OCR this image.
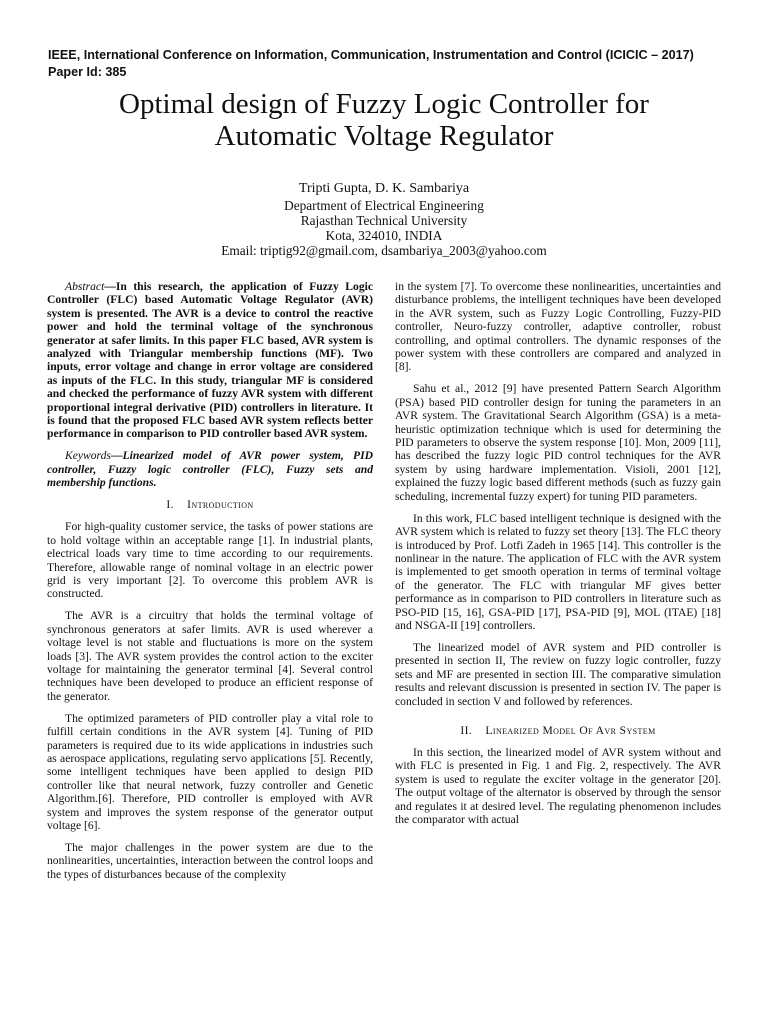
IEEE, International Conference on Information, Communication, Instrumentation and Control (ICICIC – 2017)
Paper Id: 385
Optimal design of Fuzzy Logic Controller for
Automatic Voltage Regulator
Tripti Gupta, D. K. Sambariya
Department of Electrical Engineering
Rajasthan Technical University
Kota, 324010, INDIA
Email: triptig92@gmail.com, dsambariya_2003@yahoo.com

Abstract—In this research, the application of Fuzzy Logic Controller (FLC) based Automatic Voltage Regulator (AVR) system is presented. The AVR is a device to control the reactive power and hold the terminal voltage of the synchronous generator at safer limits. In this paper FLC based, AVR system is analyzed with Triangular membership functions (MF). Two inputs, error voltage and change in error voltage are considered as inputs of the FLC. In this study, triangular MF is considered and checked the performance of fuzzy AVR system with different proportional integral derivative (PID) controllers in literature. It is found that the proposed FLC based AVR system reflects better performance in comparison to PID controller based AVR system.

Keywords—Linearized model of AVR power system, PID controller, Fuzzy logic controller (FLC), Fuzzy sets and membership functions.

I. Introduction

For high-quality customer service, the tasks of power stations are to hold voltage within an acceptable range [1]. In industrial plants, electrical loads vary time to time according to our requirements. Therefore, allowable range of nominal voltage in an electric power grid is very important [2]. To overcome this problem AVR is constructed.

The AVR is a circuitry that holds the terminal voltage of synchronous generators at safer limits. AVR is used wherever a voltage level is not stable and fluctuations is more on the system loads [3]. The AVR system provides the control action to the exciter voltage for maintaining the generator terminal [4]. Several control techniques have been developed to produce an efficient response of the generator.

The optimized parameters of PID controller play a vital role to fulfill certain conditions in the AVR system [4]. Tuning of PID parameters is required due to its wide applications in industries such as aerospace applications, regulating servo applications [5]. Recently, some intelligent techniques have been applied to design PID controller like that neural network, fuzzy controller and Genetic Algorithm.[6]. Therefore, PID controller is employed with AVR system and improves the system response of the generator output voltage [6].

The major challenges in the power system are due to the nonlinearities, uncertainties, interaction between the control loops and the types of disturbances because of the complexity

in the system [7]. To overcome these nonlinearities, uncertainties and disturbance problems, the intelligent techniques have been developed in the AVR system, such as Fuzzy Logic Controlling, Fuzzy-PID controller, Neuro-fuzzy controller, adaptive controller, robust controlling, and optimal controllers. The dynamic responses of the power system with these controllers are compared and analyzed in [8].

Sahu et al., 2012 [9] have presented Pattern Search Algorithm (PSA) based PID controller design for tuning the parameters in an AVR system. The Gravitational Search Algorithm (GSA) is a meta-heuristic optimization technique which is used for determining the PID parameters to observe the system response [10]. Mon, 2009 [11], has described the fuzzy logic PID control techniques for the AVR system by using hardware implementation. Visioli, 2001 [12], explained the fuzzy logic based different methods (such as fuzzy gain scheduling, incremental fuzzy expert) for tuning PID parameters.

In this work, FLC based intelligent technique is designed with the AVR system which is related to fuzzy set theory [13]. The FLC theory is introduced by Prof. Lotfi Zadeh in 1965 [14]. This controller is the nonlinear in the nature. The application of FLC with the AVR system is implemented to get smooth operation in terms of terminal voltage of the generator. The FLC with triangular MF gives better performance as in comparison to PID controllers in literature such as PSO-PID [15, 16], GSA-PID [17], PSA-PID [9], MOL (ITAE) [18] and NSGA-II [19] controllers.

The linearized model of AVR system and PID controller is presented in section II, The review on fuzzy logic controller, fuzzy sets and MF are presented in section III. The comparative simulation results and relevant discussion is presented in section IV. The paper is concluded in section V and followed by references.

II. Linearized Model Of Avr System

In this section, the linearized model of AVR system without and with FLC is presented in Fig. 1 and Fig. 2, respectively. The AVR system is used to regulate the exciter voltage in the generator [20]. The output voltage of the alternator is observed by through the sensor and regulates it at desired level. The regulating phenomenon includes the comparator with actual
